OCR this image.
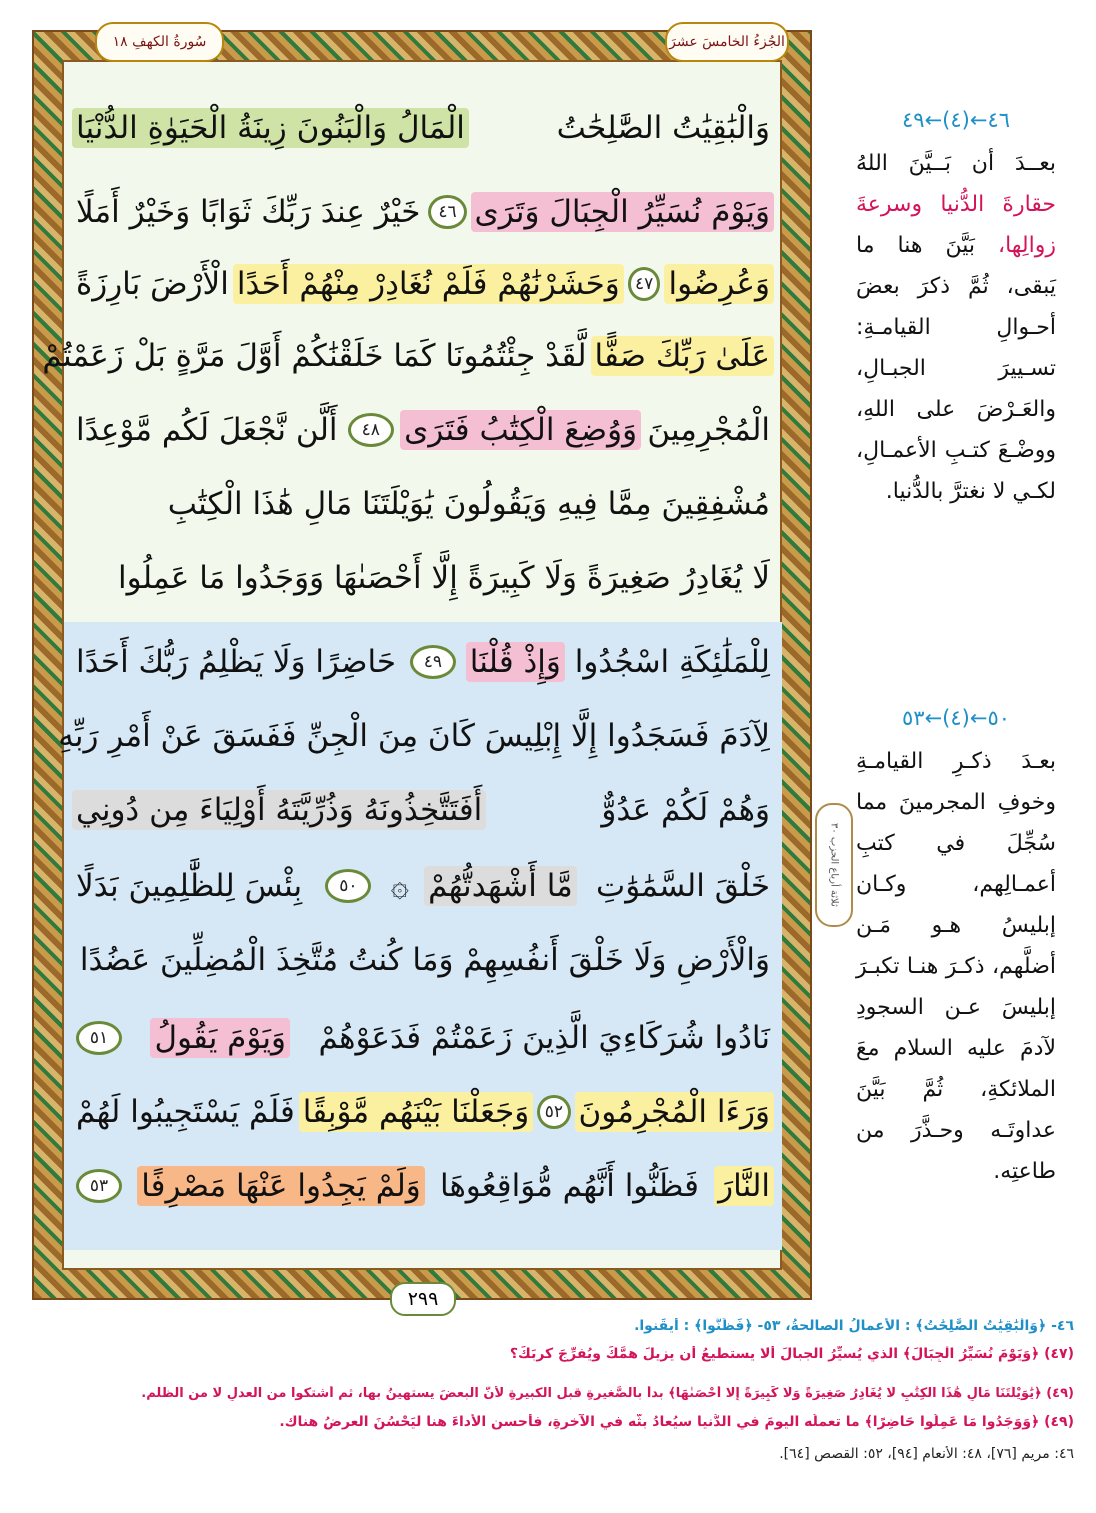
الجُزءُ الخامسَ عشرَ
سُورةُ الكهفِ ١٨
وَالْبَٰقِيَٰتُ الصَّٰلِحَٰتُ
الْمَالُ وَالْبَنُونَ زِينَةُ الْحَيَوٰةِ الدُّنْيَا
وَيَوْمَ نُسَيِّرُ الْجِبَالَ وَتَرَى
٤٦
خَيْرٌ عِندَ رَبِّكَ ثَوَابًا وَخَيْرٌ أَمَلًا
وَعُرِضُوا
٤٧
وَحَشَرْنَٰهُمْ فَلَمْ نُغَادِرْ مِنْهُمْ أَحَدًا
الْأَرْضَ بَارِزَةً
عَلَىٰ رَبِّكَ صَفًّا
لَّقَدْ جِئْتُمُونَا كَمَا خَلَقْنَٰكُمْ أَوَّلَ مَرَّةٍ بَلْ زَعَمْتُمْ
الْمُجْرِمِينَ
وَوُضِعَ الْكِتَٰبُ فَتَرَى
٤٨
أَلَّن نَّجْعَلَ لَكُم مَّوْعِدًا
مُشْفِقِينَ مِمَّا فِيهِ وَيَقُولُونَ يَٰوَيْلَتَنَا مَالِ هَٰذَا الْكِتَٰبِ
لَا يُغَادِرُ صَغِيرَةً وَلَا كَبِيرَةً إِلَّا أَحْصَىٰهَا وَوَجَدُوا مَا عَمِلُوا
لِلْمَلَٰئِكَةِ اسْجُدُوا
وَإِذْ قُلْنَا
٤٩
حَاضِرًا وَلَا يَظْلِمُ رَبُّكَ أَحَدًا
لِآدَمَ فَسَجَدُوا إِلَّا إِبْلِيسَ كَانَ مِنَ الْجِنِّ فَفَسَقَ عَنْ أَمْرِ رَبِّهِ
وَهُمْ لَكُمْ عَدُوٌّ
أَفَتَتَّخِذُونَهُ وَذُرِّيَّتَهُ أَوْلِيَاءَ مِن دُونِي
خَلْقَ السَّمَٰوَٰتِ
مَّا أَشْهَدتُّهُمْ
۞
٥٠
بِئْسَ لِلظَّٰلِمِينَ بَدَلًا
وَالْأَرْضِ وَلَا خَلْقَ أَنفُسِهِمْ وَمَا كُنتُ مُتَّخِذَ الْمُضِلِّينَ عَضُدًا
نَادُوا شُرَكَاءِيَ الَّذِينَ زَعَمْتُمْ فَدَعَوْهُمْ
وَيَوْمَ يَقُولُ
٥١
وَرَءَا الْمُجْرِمُونَ
٥٢
وَجَعَلْنَا بَيْنَهُم مَّوْبِقًا
فَلَمْ يَسْتَجِيبُوا لَهُمْ
النَّارَ
فَظَنُّوا أَنَّهُم مُّوَاقِعُوهَا
وَلَمْ يَجِدُوا عَنْهَا مَصْرِفًا
٥٣
٢٩٩
٤٦←(٤)←٤٩
بعــدَ أن بَــيَّنَ اللهُ حقارةَ الدُّنيا وسرعةَ زوالِها، بَيَّنَ هنا ما يَبقى، ثُمَّ ذكرَ بعضَ أحـوالِ القيامـةِ: تسـييرَ الجبـالِ، والعَـرْضَ على اللهِ، ووضْـعَ كتـبِ الأعمـالِ، لكـي لا نغترَّ بالدُّنيا.
٥٠←(٤)←٥٣
بعـدَ ذكـرِ القيامـةِ وخوفِ المجرمينَ مما سُجِّلَ في كتبِ أعمـالِهم، وكـان إبليسُ هـو مَـن أضلَّهم، ذكـرَ هنـا تكبـرَ إبليسَ عـن السجودِ لآدمَ عليه السلام معَ الملائكةِ، ثُمَّ بَيَّنَ عداوتَـه وحـذَّرَ من طاعتِه.
ثلاثة أرباع الحزب ٣٠
٤٦- ﴿وَالْبَٰقِيَٰتُ الصَّٰلِحَٰتُ﴾ : الأعمالُ الصالحةُ، ٥٣- ﴿فَظَنُّوا﴾ : أَيقَنوا.
(٤٧) ﴿وَيَوْمَ نُسَيِّرُ الْجِبَالَ﴾ الذي يُسيِّرُ الجبالَ ألا يستطيعُ أن يزيلَ همَّكَ ويُفرِّجَ كربَكَ؟
(٤٩) ﴿يَٰوَيْلَتَنَا مَالِ هَٰذَا الْكِتَٰبِ لَا يُغَادِرُ صَغِيرَةً وَلَا كَبِيرَةً إِلَّا أَحْصَىٰهَا﴾ بدأ بالصَّغيرةِ قبل الكبيرةِ لأنَّ البعضَ يستهينُ بها، ثم أشتكوا من العدلِ لا من الظلمِ.
(٤٩) ﴿وَوَجَدُوا مَا عَمِلُوا حَاضِرًا﴾ ما تعملُه اليومَ في الدُّنيا سيُعادُ بثُّه في الآخرةِ، فأحسنِ الأداءَ هنا ليَحْسُنَ العرضُ هناك.
٤٦: مريم [٧٦]، ٤٨: الأنعام [٩٤]، ٥٢: القصص [٦٤].
